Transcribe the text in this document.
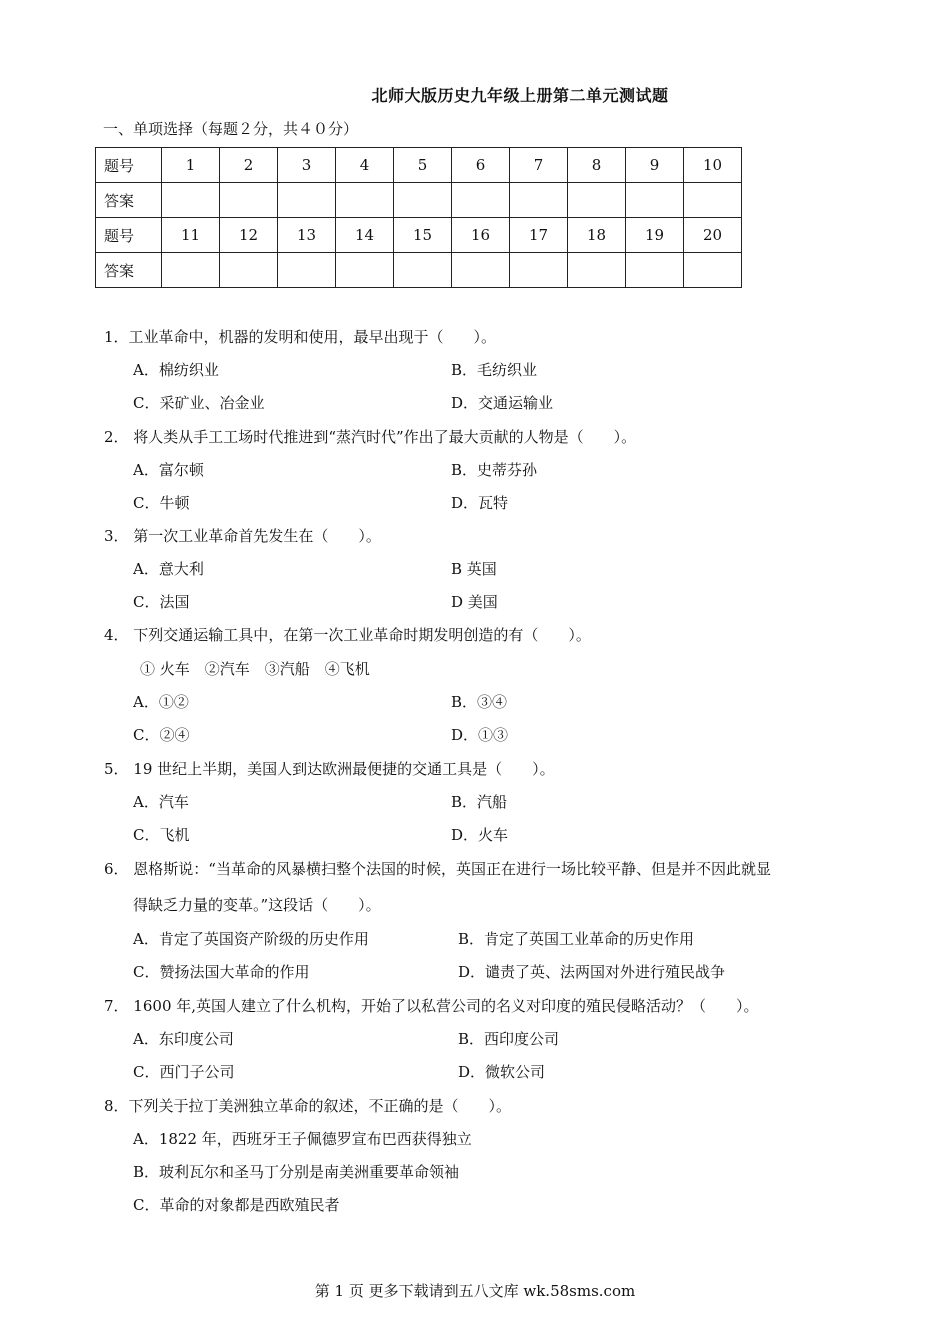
北师大版历史九年级上册第二单元测试题
一、单项选择（每题２分，共４０分）
题号	1	2	3	4	5	6	7	8	9	10
答案										
题号	11	12	13	14	15	16	17	18	19	20
答案										
1．工业革命中，机器的发明和使用，最早出现于（　　）。
A．棉纺织业	B．毛纺织业
C．采矿业、冶金业	D．交通运输业
2． 将人类从手工工场时代推进到“蒸汽时代”作出了最大贡献的人物是（　　）。
A．富尔顿	B．史蒂芬孙
C．牛顿	D．瓦特
3． 第一次工业革命首先发生在（　　）。
A．意大利	B 英国
C．法国	D 美国
4． 下列交通运输工具中，在第一次工业革命时期发明创造的有（　　）。
① 火车　②汽车　③汽船　④飞机
A．①②	B．③④
C．②④	D．①③
5． 19 世纪上半期，美国人到达欧洲最便捷的交通工具是（　　）。
A．汽车	B．汽船
C．飞机	D．火车
6． 恩格斯说：“当革命的风暴横扫整个法国的时候，英国正在进行一场比较平静、但是并不因此就显
得缺乏力量的变革。”这段话（　　）。
A．肯定了英国资产阶级的历史作用	B．肯定了英国工业革命的历史作用
C．赞扬法国大革命的作用	D．谴责了英、法两国对外进行殖民战争
7． 1600 年,英国人建立了什么机构，开始了以私营公司的名义对印度的殖民侵略活动？（　　）。
A．东印度公司	B．西印度公司
C．西门子公司	D．微软公司
8．下列关于拉丁美洲独立革命的叙述，不正确的是（　　）。
A．1822 年，西班牙王子佩德罗宣布巴西获得独立
B．玻利瓦尔和圣马丁分别是南美洲重要革命领袖
C．革命的对象都是西欧殖民者
第 1 页 更多下载请到五八文库 wk.58sms.com
